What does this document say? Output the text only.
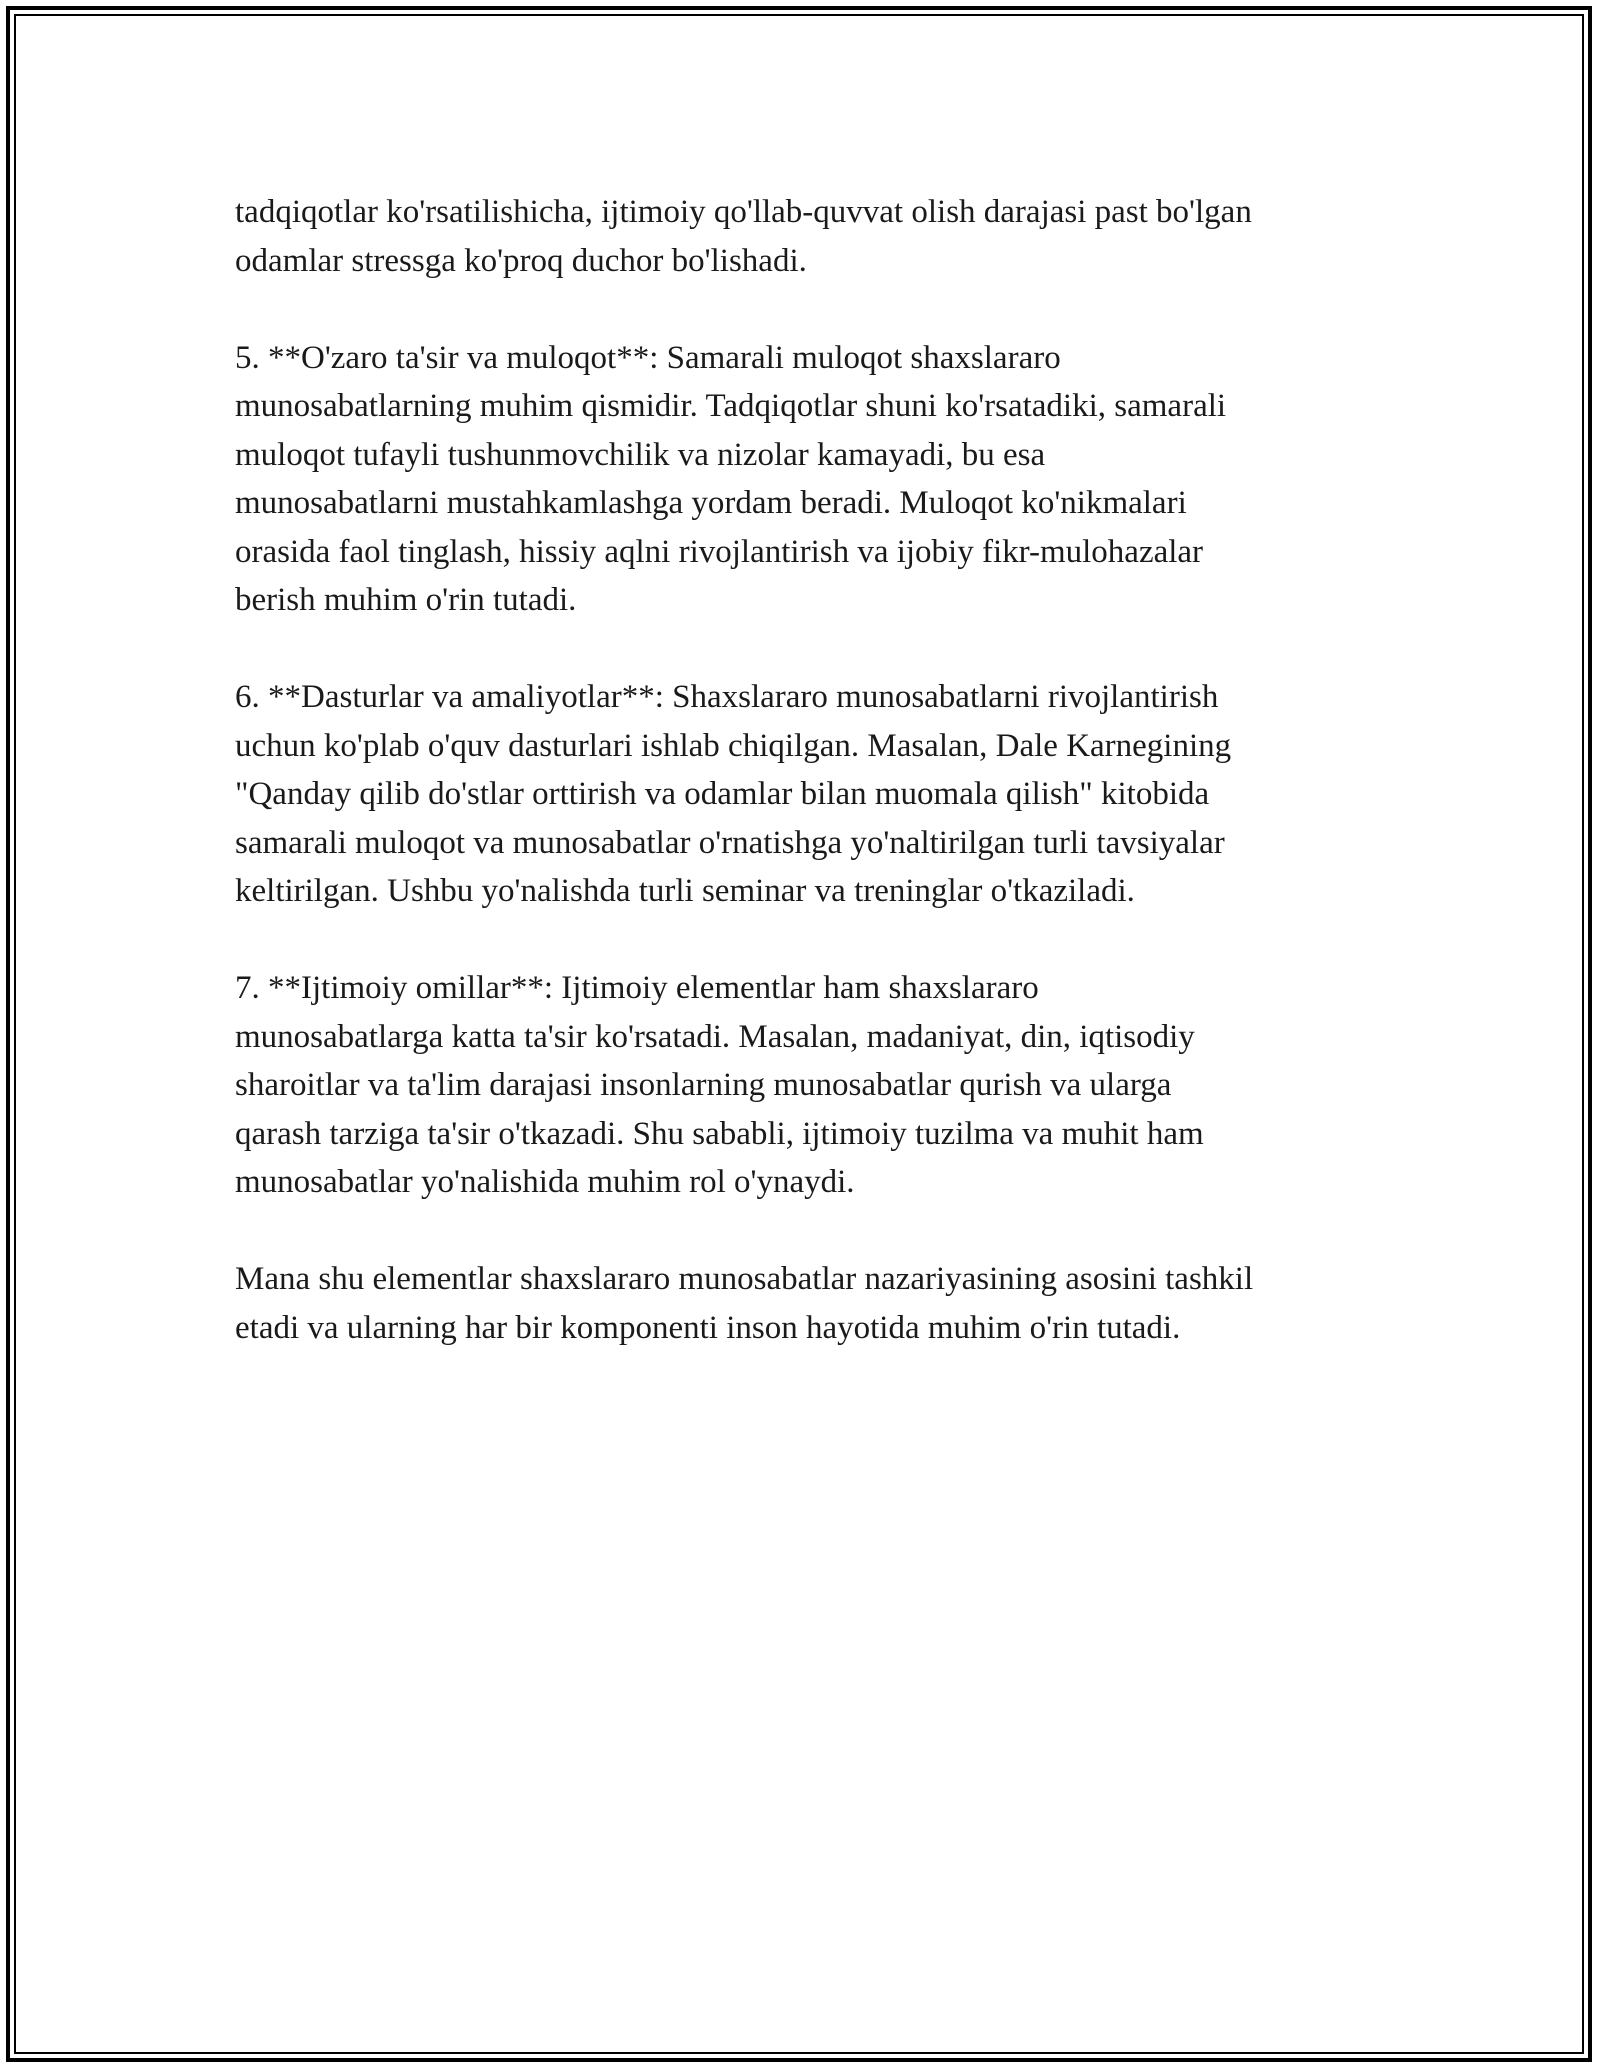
tadqiqotlar ko'rsatilishicha, ijtimoiy qo'llab-quvvat olish darajasi past bo'lgan
odamlar stressga ko'proq duchor bo'lishadi.

5. **O'zaro ta'sir va muloqot**: Samarali muloqot shaxslararo
munosabatlarning muhim qismidir. Tadqiqotlar shuni ko'rsatadiki, samarali
muloqot tufayli tushunmovchilik va nizolar kamayadi, bu esa
munosabatlarni mustahkamlashga yordam beradi. Muloqot ko'nikmalari
orasida faol tinglash, hissiy aqlni rivojlantirish va ijobiy fikr-mulohazalar
berish muhim o'rin tutadi.

6. **Dasturlar va amaliyotlar**: Shaxslararo munosabatlarni rivojlantirish
uchun ko'plab o'quv dasturlari ishlab chiqilgan. Masalan, Dale Karnegining
"Qanday qilib do'stlar orttirish va odamlar bilan muomala qilish" kitobida
samarali muloqot va munosabatlar o'rnatishga yo'naltirilgan turli tavsiyalar
keltirilgan. Ushbu yo'nalishda turli seminar va treninglar o'tkaziladi.

7. **Ijtimoiy omillar**: Ijtimoiy elementlar ham shaxslararo
munosabatlarga katta ta'sir ko'rsatadi. Masalan, madaniyat, din, iqtisodiy
sharoitlar va ta'lim darajasi insonlarning munosabatlar qurish va ularga
qarash tarziga ta'sir o'tkazadi. Shu sababli, ijtimoiy tuzilma va muhit ham
munosabatlar yo'nalishida muhim rol o'ynaydi.

Mana shu elementlar shaxslararo munosabatlar nazariyasining asosini tashkil
etadi va ularning har bir komponenti inson hayotida muhim o'rin tutadi.
